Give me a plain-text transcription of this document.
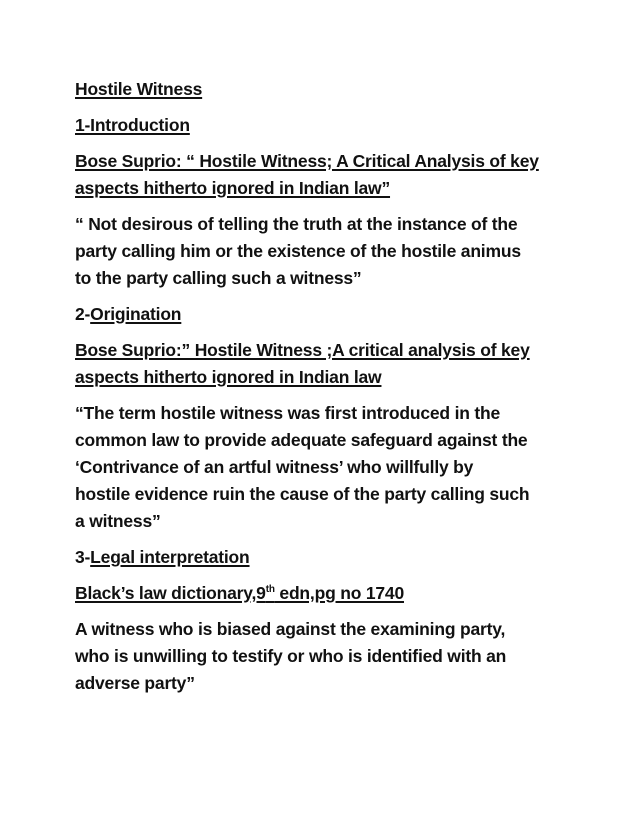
Hostile Witness

1-Introduction

Bose Suprio: “ Hostile Witness; A Critical Analysis of key

aspects hitherto ignored in Indian law”

“ Not desirous of telling the truth at the instance of the

party calling him or the existence of the hostile animus

to the party calling such a witness”

2-Origination

Bose Suprio:” Hostile Witness ;A critical analysis of key

aspects hitherto ignored in Indian law

“The term hostile witness was first introduced in the

common law to provide adequate safeguard against the

‘Contrivance of an artful witness’ who willfully by

hostile evidence ruin the cause of the party calling such

a witness”

3-Legal interpretation

Black’s law dictionary,9th edn,pg no 1740

A witness who is biased against the examining party,

who is unwilling to testify or who is identified with an

adverse party”
